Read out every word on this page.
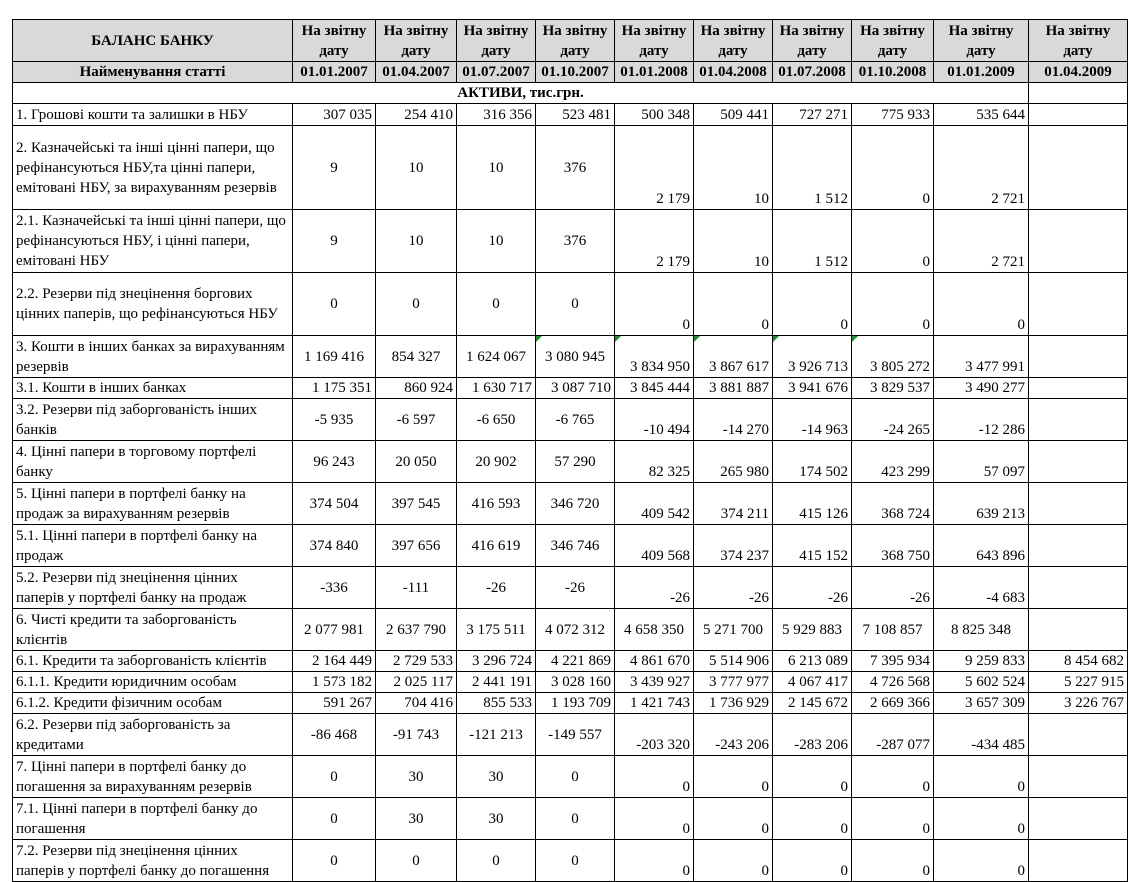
БАЛАНС БАНКУ	На звітну дату	На звітну дату	На звітну дату	На звітну дату	На звітну дату	На звітну дату	На звітну дату	На звітну дату	На звітну дату	На звітну дату
Найменування статті	01.01.2007	01.04.2007	01.07.2007	01.10.2007	01.01.2008	01.04.2008	01.07.2008	01.10.2008	01.01.2009	01.04.2009
АКТИВИ, тис.грн.										
1. Грошові кошти та залишки в НБУ	307 035	254 410	316 356	523 481	500 348	509 441	727 271	775 933	535 644	
2. Казначейські та інші цінні папери, що рефінансуються НБУ,та цінні папери, емітовані НБУ, за вирахуванням резервів	9	10	10	376	2 179	10	1 512	0	2 721	
2.1. Казначейські та інші цінні папери, що рефінансуються НБУ, і цінні папери, емітовані НБУ	9	10	10	376	2 179	10	1 512	0	2 721	
2.2. Резерви під знецінення боргових цінних паперів, що рефінансуються НБУ	0	0	0	0	0	0	0	0	0	
3. Кошти в інших банках за вирахуванням резервів	1 169 416	854 327	1 624 067	3 080 945	3 834 950	3 867 617	3 926 713	3 805 272	3 477 991	
3.1. Кошти в інших банках	1 175 351	860 924	1 630 717	3 087 710	3 845 444	3 881 887	3 941 676	3 829 537	3 490 277	
3.2. Резерви під заборгованість інших банків	-5 935	-6 597	-6 650	-6 765	-10 494	-14 270	-14 963	-24 265	-12 286	
4. Цінні папери в торговому портфелі банку	96 243	20 050	20 902	57 290	82 325	265 980	174 502	423 299	57 097	
5. Цінні папери в портфелі банку на продаж за вирахуванням резервів	374 504	397 545	416 593	346 720	409 542	374 211	415 126	368 724	639 213	
5.1. Цінні папери в портфелі банку на продаж	374 840	397 656	416 619	346 746	409 568	374 237	415 152	368 750	643 896	
5.2. Резерви під знецінення цінних паперів у портфелі банку на продаж	-336	-111	-26	-26	-26	-26	-26	-26	-4 683	
6. Чисті кредити та заборгованість клієнтів	2 077 981	2 637 790	3 175 511	4 072 312	4 658 350	5 271 700	5 929 883	7 108 857	8 825 348	
6.1. Кредити та заборгованість клієнтів	2 164 449	2 729 533	3 296 724	4 221 869	4 861 670	5 514 906	6 213 089	7 395 934	9 259 833	8 454 682
6.1.1. Кредити юридичним особам	1 573 182	2 025 117	2 441 191	3 028 160	3 439 927	3 777 977	4 067 417	4 726 568	5 602 524	5 227 915
6.1.2. Кредити фізичним особам	591 267	704 416	855 533	1 193 709	1 421 743	1 736 929	2 145 672	2 669 366	3 657 309	3 226 767
6.2. Резерви під заборгованість за кредитами	-86 468	-91 743	-121 213	-149 557	-203 320	-243 206	-283 206	-287 077	-434 485	
7. Цінні папери в портфелі банку до погашення за вирахуванням резервів	0	30	30	0	0	0	0	0	0	
7.1. Цінні папери в портфелі банку до погашення	0	30	30	0	0	0	0	0	0	
7.2. Резерви під знецінення цінних паперів у портфелі банку до погашення	0	0	0	0	0	0	0	0	0	
